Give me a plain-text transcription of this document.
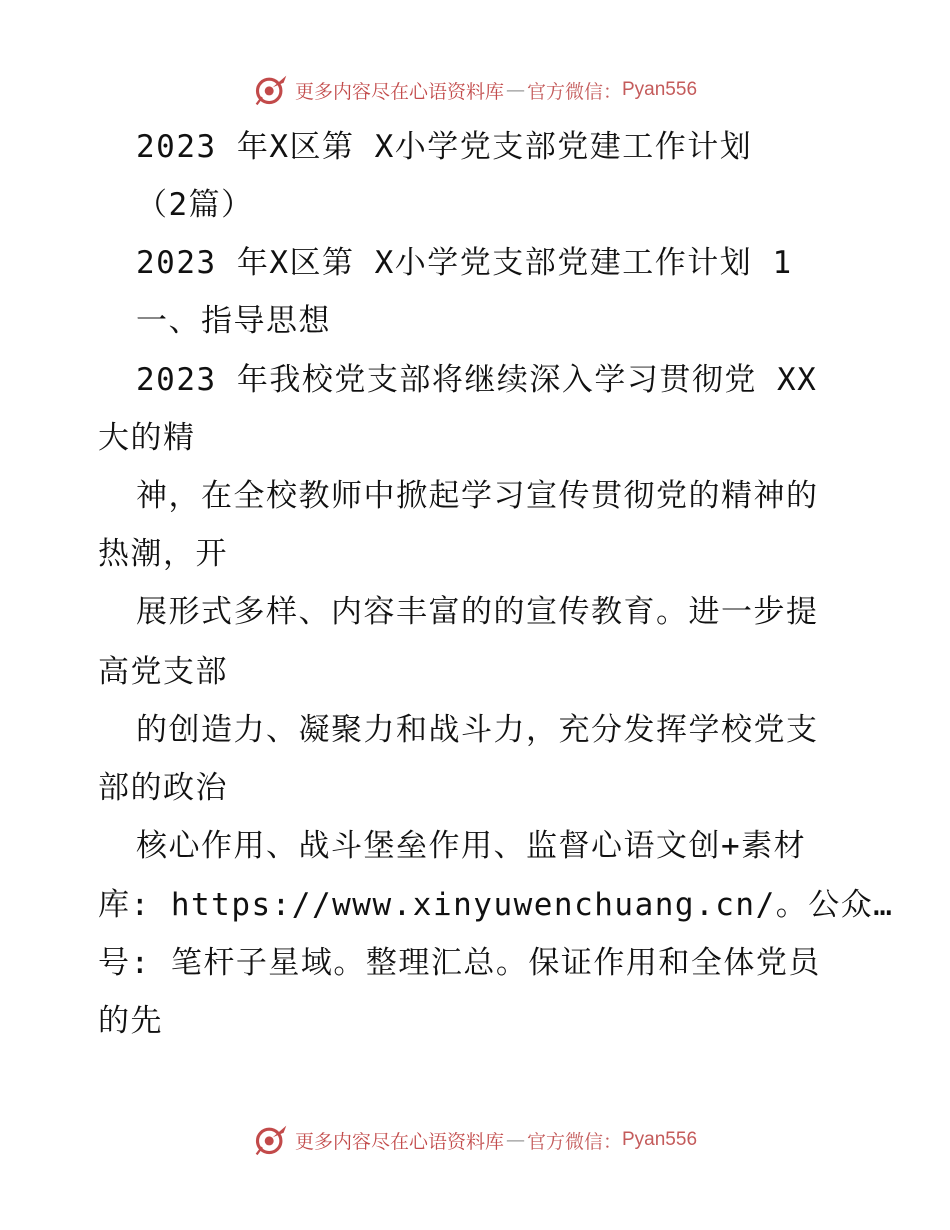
更多内容尽在心语资料库 — 官方微信： Pyan556
2023 年X区第 X小学党支部党建工作计划
（2篇）
2023 年X区第 X小学党支部党建工作计划 1
一、指导思想
2023 年我校党支部将继续深入学习贯彻党 XX
大的精
神，在全校教师中掀起学习宣传贯彻党的精神的
热潮，开
展形式多样、内容丰富的的宣传教育。进一步提
高党支部
的创造力、凝聚力和战斗力，充分发挥学校党支
部的政治
核心作用、战斗堡垒作用、监督心语文创+素材
库: https://www.xinyuwenchuang.cn/。公众…
号: 笔杆子星域。整理汇总。保证作用和全体党员
的先
更多内容尽在心语资料库 — 官方微信： Pyan556
